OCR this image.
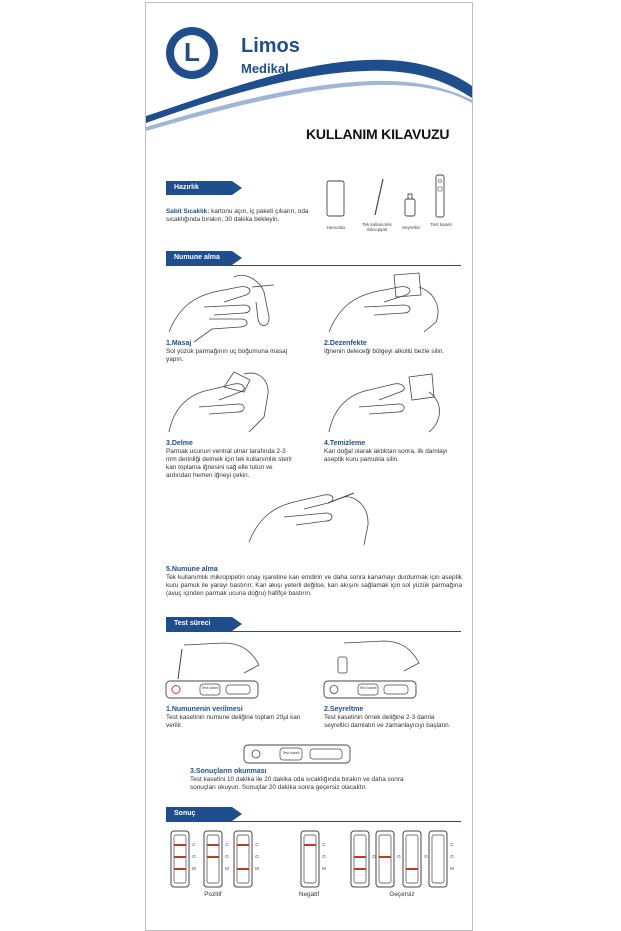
L	Limos
Medikal
KULLANIM KILAVUZU
Hazırlık
Sabit Sıcaklık: kartonu açın, iç paketi çıkarın, oda sıcaklığında bırakın, 30 dakika bekleyin.
Hemostix
Tek kullanımlık mikropipet	Seyreltici
Test kaseti
Numune alma
1.Masaj
Sol yüzük parmağının uç boğumuna masaj yapın.
2.Dezenfekte
İğnenin deleceği bölgeyi alkollü bezle silin.
3.Delme
Parmak ucunun ventral ulnar tarafında 2-3 mm derinliği delmek için tek kullanımlık steril kan toplama iğnesini sağ elle tutun ve ardından hemen iğneyi çekin.
4.Temizleme
Kan doğal olarak aktıktan sonra, ilk damlayı aseptik kuru pamukla silin.
5.Numune alma
Tek kullanımlık mikropipetin onay işaretine kan emdirin ve daha sonra kanamayı durdurmak için aseptik kuru pamuk ile yarayı bastırın; Kan akışı yeterli değilse, kan akışını sağlamak için sol yüzük parmağına (avuç içinden parmak ucuna doğru) hafifçe bastırın.
Test süreci
Test kaseti	Test kaseti
1.Numunenin verilmesi
Test kasetinin numune deliğine toplam 20µl kan verilir.
2.Seyreltme
Test kasetinin örnek deliğine 2-3 damla seyreltici damlatın ve zamanlayıcıyı başlatın.
Test kaseti
3.Sonuçların okunması
Test kasetini 10 dakika ile 20 dakika oda sıcaklığında bırakın ve daha sonra sonuçları okuyun. Sonuçlar 20 dakika sonra geçersiz olacaktır.
Sonuç
C
G
M
C
G
M
C
G
M
C
G
M
G	G	G
C
G
M
Pozitif	Negatif	Geçersiz
